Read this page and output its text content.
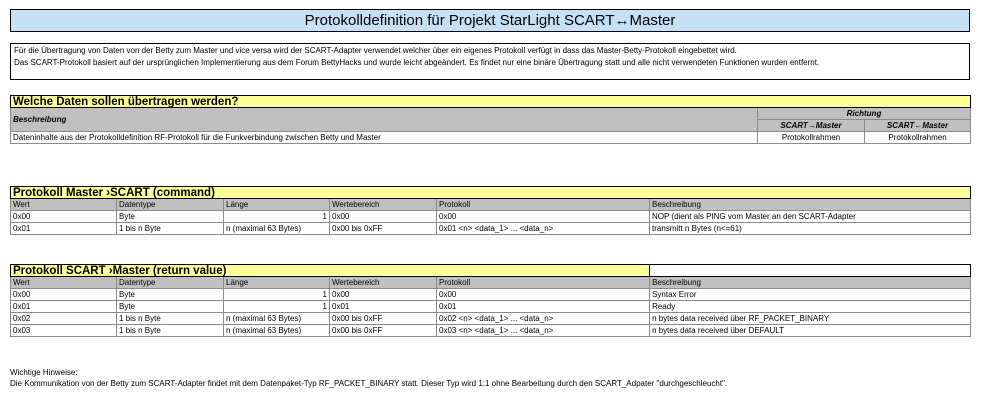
Protokolldefinition für Projekt StarLight SCART↔Master
Für die Übertragung von Daten von der Betty zum Master und vice versa wird der SCART-Adapter verwendet welcher über ein eigenes Protokoll verfügt in dass das Master-Betty-Protokoll eingebettet wird.
Das SCART-Protokoll basiert auf der ursprünglichen Implementierung aus dem Forum BettyHacks und wurde leicht abgeändert. Es findet nur eine binäre Übertragung statt und alle nicht verwendeten Funktionen wurden entfernt.
Welche Daten sollen übertragen werden?		
Beschreibung	Richtung	
	SCART→Master	SCART←Master
Dateninhalte aus der Protokolldefinition RF-Protokoll für die Funkverbindung zwischen Betty und Master	Protokollrahmen	Protokollrahmen
Protokoll Master ›SCART (command)					
Wert	Datentype	Länge	Wertebereich	Protokoll	Beschreibung
0x00	Byte	1	0x00	0x00	NOP (dient als PING vom Master an den SCART-Adapter
0x01	1 bis n Byte	n (maximal 63 Bytes)	0x00 bis 0xFF	0x01 <n> <data_1> ... <data_n>	transmitt n Bytes (n<=61)
Protokoll SCART ›Master (return value)					
Wert	Datentype	Länge	Wertebereich	Protokoll	Beschreibung
0x00	Byte	1	0x00	0x00	Syntax Error
0x01	Byte	1	0x01	0x01	Ready
0x02	1 bis n Byte	n (maximal 63 Bytes)	0x00 bis 0xFF	0x02 <n> <data_1> ... <data_n>	n bytes data received über RF_PACKET_BINARY
0x03	1 bis n Byte	n (maximal 63 Bytes)	0x00 bis 0xFF	0x03 <n> <data_1> ... <data_n>	n bytes data received über DEFAULT
Wichtige Hinweise:
Die Kommunikation von der Betty zum SCART-Adapter findet mit dem Datenpaket-Typ RF_PACKET_BINARY statt. Dieser Typ wird 1:1 ohne Bearbeitung durch den SCART_Adpater "durchgeschleucht".
